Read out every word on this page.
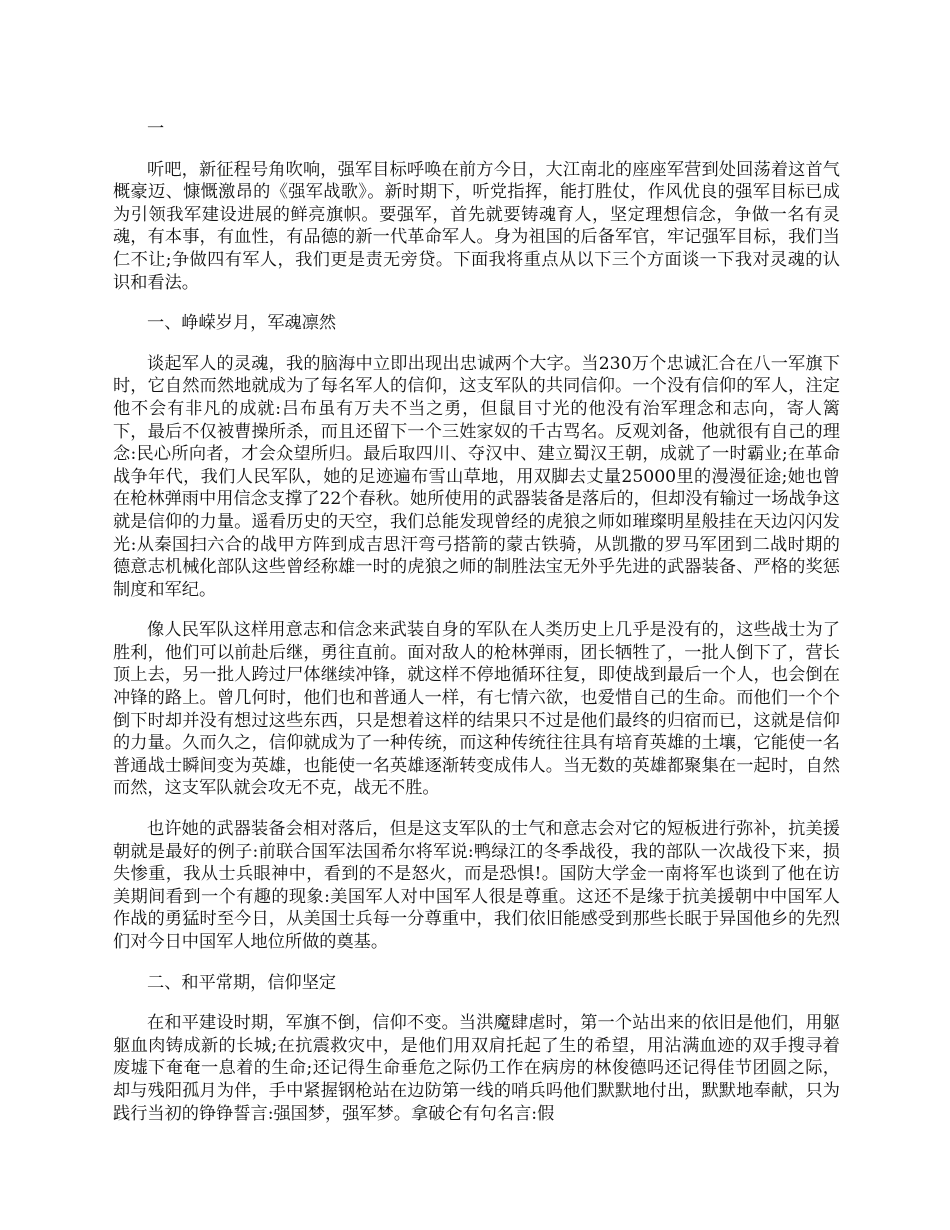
一

听吧，新征程号角吹响，强军目标呼唤在前方今日，大江南北的座座军营到处回荡着这首气概豪迈、慷慨激昂的《强军战歌》。新时期下，听党指挥，能打胜仗，作风优良的强军目标已成为引领我军建设进展的鲜亮旗帜。要强军，首先就要铸魂育人，坚定理想信念，争做一名有灵魂，有本事，有血性，有品德的新一代革命军人。身为祖国的后备军官，牢记强军目标，我们当仁不让;争做四有军人，我们更是责无旁贷。下面我将重点从以下三个方面谈一下我对灵魂的认识和看法。

一、峥嵘岁月，军魂凛然

谈起军人的灵魂，我的脑海中立即出现出忠诚两个大字。当230万个忠诚汇合在八一军旗下时，它自然而然地就成为了每名军人的信仰，这支军队的共同信仰。一个没有信仰的军人，注定他不会有非凡的成就:吕布虽有万夫不当之勇，但鼠目寸光的他没有治军理念和志向，寄人篱下，最后不仅被曹操所杀，而且还留下一个三姓家奴的千古骂名。反观刘备，他就很有自己的理念:民心所向者，才会众望所归。最后取四川、夺汉中、建立蜀汉王朝，成就了一时霸业;在革命战争年代，我们人民军队，她的足迹遍布雪山草地，用双脚去丈量25000里的漫漫征途;她也曾在枪林弹雨中用信念支撑了22个春秋。她所使用的武器装备是落后的，但却没有输过一场战争这就是信仰的力量。遥看历史的天空，我们总能发现曾经的虎狼之师如璀璨明星般挂在天边闪闪发光:从秦国扫六合的战甲方阵到成吉思汗弯弓搭箭的蒙古铁骑，从凯撒的罗马军团到二战时期的德意志机械化部队这些曾经称雄一时的虎狼之师的制胜法宝无外乎先进的武器装备、严格的奖惩制度和军纪。

像人民军队这样用意志和信念来武装自身的军队在人类历史上几乎是没有的，这些战士为了胜利，他们可以前赴后继，勇往直前。面对敌人的枪林弹雨，团长牺牲了，一批人倒下了，营长顶上去，另一批人跨过尸体继续冲锋，就这样不停地循环往复，即使战到最后一个人，也会倒在冲锋的路上。曾几何时，他们也和普通人一样，有七情六欲，也爱惜自己的生命。而他们一个个倒下时却并没有想过这些东西，只是想着这样的结果只不过是他们最终的归宿而已，这就是信仰的力量。久而久之，信仰就成为了一种传统，而这种传统往往具有培育英雄的土壤，它能使一名普通战士瞬间变为英雄，也能使一名英雄逐渐转变成伟人。当无数的英雄都聚集在一起时，自然而然，这支军队就会攻无不克，战无不胜。

也许她的武器装备会相对落后，但是这支军队的士气和意志会对它的短板进行弥补，抗美援朝就是最好的例子:前联合国军法国希尔将军说:鸭绿江的冬季战役，我的部队一次战役下来，损失惨重，我从士兵眼神中，看到的不是怒火，而是恐惧!。国防大学金一南将军也谈到了他在访美期间看到一个有趣的现象:美国军人对中国军人很是尊重。这还不是缘于抗美援朝中中国军人作战的勇猛时至今日，从美国士兵每一分尊重中，我们依旧能感受到那些长眠于异国他乡的先烈们对今日中国军人地位所做的奠基。

二、和平常期，信仰坚定

在和平建设时期，军旗不倒，信仰不变。当洪魔肆虐时，第一个站出来的依旧是他们，用躯躯血肉铸成新的长城;在抗震救灾中，是他们用双肩托起了生的希望，用沾满血迹的双手搜寻着废墟下奄奄一息着的生命;还记得生命垂危之际仍工作在病房的林俊德吗还记得佳节团圆之际，却与残阳孤月为伴，手中紧握钢枪站在边防第一线的哨兵吗他们默默地付出，默默地奉献，只为践行当初的铮铮誓言:强国梦，强军梦。拿破仑有句名言:假
